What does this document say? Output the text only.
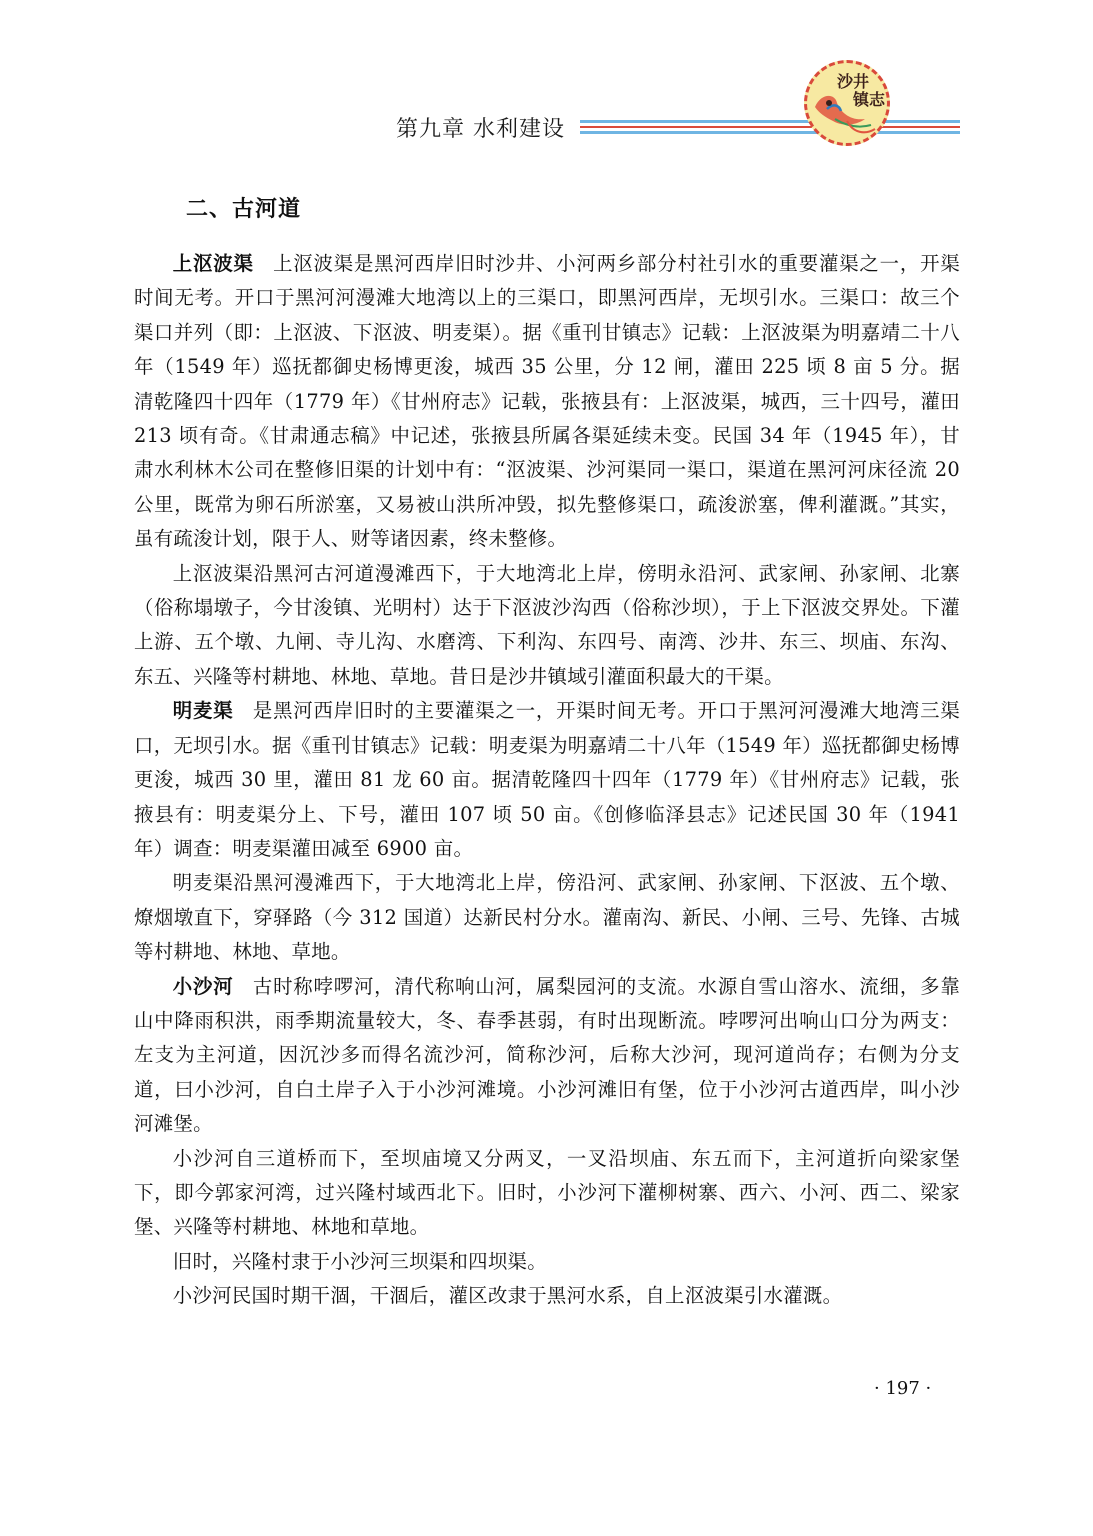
第九章 水利建设
沙井
镇志
二、古河道

上沤波渠 上沤波渠是黑河西岸旧时沙井、小河两乡部分村社引水的重要灌渠之一，开渠时间无考。开口于黑河河漫滩大地湾以上的三渠口，即黑河西岸，无坝引水。三渠口：故三个渠口并列（即：上沤波、下沤波、明麦渠）。据《重刊甘镇志》记载：上沤波渠为明嘉靖二十八年（1549 年）巡抚都御史杨博更浚，城西 35 公里，分 12 闸，灌田 225 顷 8 亩 5 分。据清乾隆四十四年（1779 年）《甘州府志》记载，张掖县有：上沤波渠，城西，三十四号，灌田 213 顷有奇。《甘肃通志稿》中记述，张掖县所属各渠延续未变。民国 34 年（1945 年），甘肃水利林木公司在整修旧渠的计划中有：“沤波渠、沙河渠同一渠口，渠道在黑河河床径流 20 公里，既常为卵石所淤塞，又易被山洪所冲毁，拟先整修渠口，疏浚淤塞，俾利灌溉。”其实，虽有疏浚计划，限于人、财等诸因素，终未整修。

上沤波渠沿黑河古河道漫滩西下，于大地湾北上岸，傍明永沿河、武家闸、孙家闸、北寨（俗称塌墩子，今甘浚镇、光明村）达于下沤波沙沟西（俗称沙坝），于上下沤波交界处。下灌上游、五个墩、九闸、寺儿沟、水磨湾、下利沟、东四号、南湾、沙井、东三、坝庙、东沟、东五、兴隆等村耕地、林地、草地。昔日是沙井镇域引灌面积最大的干渠。

明麦渠 是黑河西岸旧时的主要灌渠之一，开渠时间无考。开口于黑河河漫滩大地湾三渠口，无坝引水。据《重刊甘镇志》记载：明麦渠为明嘉靖二十八年（1549 年）巡抚都御史杨博更浚，城西 30 里，灌田 81 龙 60 亩。据清乾隆四十四年（1779 年）《甘州府志》记载，张掖县有：明麦渠分上、下号，灌田 107 顷 50 亩。《创修临泽县志》记述民国 30 年（1941 年）调查：明麦渠灌田减至 6900 亩。

明麦渠沿黑河漫滩西下，于大地湾北上岸，傍沿河、武家闸、孙家闸、下沤波、五个墩、燎烟墩直下，穿驿路（今 312 国道）达新民村分水。灌南沟、新民、小闸、三号、先锋、古城等村耕地、林地、草地。

小沙河 古时称哱啰河，清代称响山河，属梨园河的支流。水源自雪山溶水、流细，多靠山中降雨积洪，雨季期流量较大，冬、春季甚弱，有时出现断流。哱啰河出响山口分为两支：左支为主河道，因沉沙多而得名流沙河，简称沙河，后称大沙河，现河道尚存；右侧为分支道，曰小沙河，自白土岸子入于小沙河滩境。小沙河滩旧有堡，位于小沙河古道西岸，叫小沙河滩堡。

小沙河自三道桥而下，至坝庙境又分两叉，一叉沿坝庙、东五而下，主河道折向梁家堡下，即今郭家河湾，过兴隆村域西北下。旧时，小沙河下灌柳树寨、西六、小河、西二、梁家堡、兴隆等村耕地、林地和草地。

旧时，兴隆村隶于小沙河三坝渠和四坝渠。

小沙河民国时期干涸，干涸后，灌区改隶于黑河水系，自上沤波渠引水灌溉。

· 197 ·
